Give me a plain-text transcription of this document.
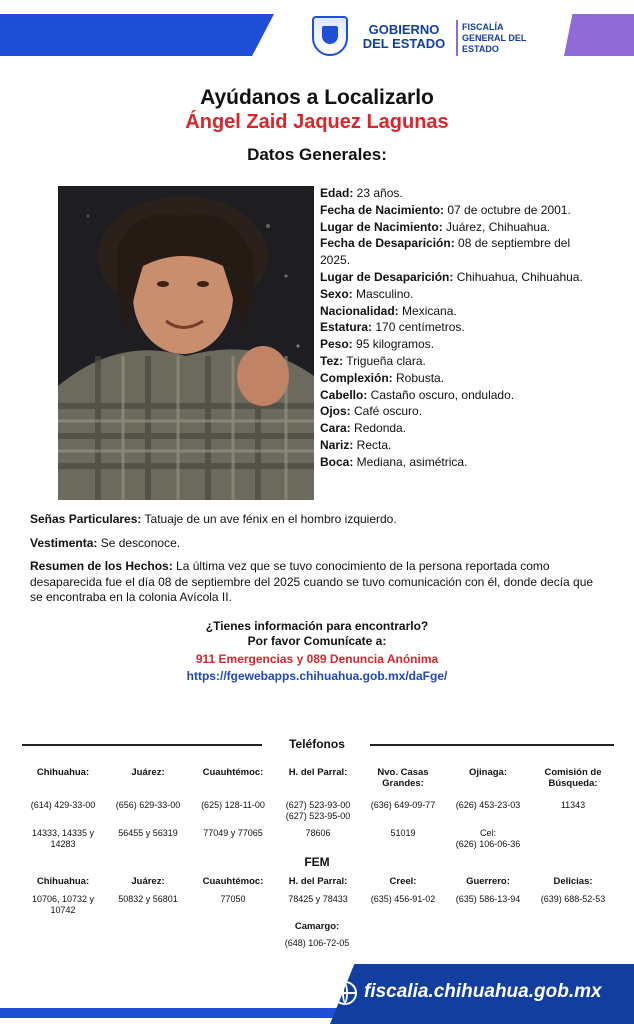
GOBIERNO DEL ESTADO
FISCALÍA GENERAL DEL ESTADO
Ayúdanos a Localizarlo
Ángel Zaid Jaquez Lagunas
Datos Generales:
Edad: 23 años.
Fecha de Nacimiento: 07 de octubre de 2001.
Lugar de Nacimiento: Juárez, Chihuahua.
Fecha de Desaparición: 08 de septiembre del 2025.
Lugar de Desaparición: Chihuahua, Chihuahua.
Sexo: Masculino.
Nacionalidad: Mexicana.
Estatura: 170 centímetros.
Peso: 95 kilogramos.
Tez: Trigueña clara.
Complexión: Robusta.
Cabello: Castaño oscuro, ondulado.
Ojos: Café oscuro.
Cara: Redonda.
Nariz: Recta.
Boca: Mediana, asimétrica.
Señas Particulares: Tatuaje de un ave fénix en el hombro izquierdo.
Vestimenta: Se desconoce.
Resumen de los Hechos: La última vez que se tuvo conocimiento de la persona reportada como desaparecida fue el día 08 de septiembre del 2025 cuando se tuvo comunicación con él, donde decía que se encontraba en la colonia Avícola II.
¿Tienes información para encontrarlo?
Por favor Comunícate a:
911 Emergencias y 089 Denuncia Anónima
https://fgewebapps.chihuahua.gob.mx/daFge/
Teléfonos
Chihuahua:
(614) 429-33-00
14333, 14335 y 14283
Juárez:
(656) 629-33-00
56455 y 56319
Cuauhtémoc:
(625) 128-11-00
77049 y 77065
H. del Parral:
(627) 523-93-00
(627) 523-95-00
78606
Nvo. Casas Grandes:
(636) 649-09-77
51019
Ojinaga:
(626) 453-23-03
Cel:
(626) 106-06-36
Comisión de Búsqueda:
11343
FEM
Chihuahua:
10706, 10732 y 10742
Juárez:
50832 y 56801
Cuauhtémoc:
77050
H. del Parral:
78425 y 78433
Creel:
(635) 456-91-02
Guerrero:
(635) 586-13-94
Delicias:
(639) 688-52-53
Camargo:
(648) 106-72-05
fiscalia.chihuahua.gob.mx
